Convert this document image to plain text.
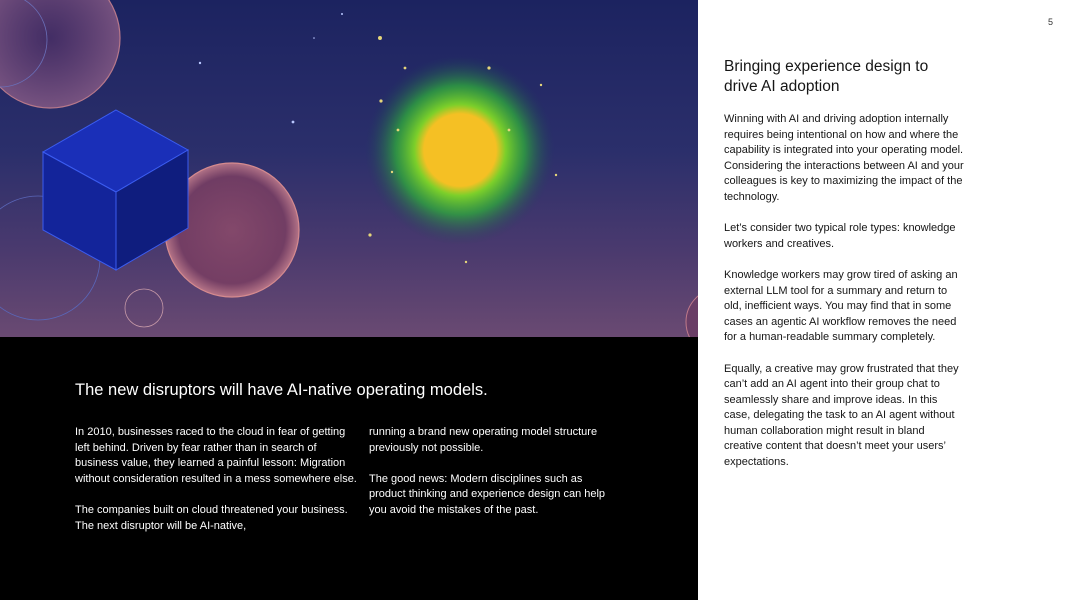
The new disruptors will have AI-native operating models.

In 2010, businesses raced to the cloud in fear of getting left behind. Driven by fear rather than in search of business value, they learned a painful lesson: Migration without consideration resulted in a mess somewhere else.

The companies built on cloud threatened your business. The next disruptor will be AI-native,

running a brand new operating model structure previously not possible.

The good news: Modern disciplines such as product thinking and experience design can help you avoid the mistakes of the past.

5
Bringing experience design to drive AI adoption

Winning with AI and driving adoption internally requires being intentional on how and where the capability is integrated into your operating model. Considering the interactions between AI and your colleagues is key to maximizing the impact of the technology.

Let’s consider two typical role types: knowledge workers and creatives.

Knowledge workers may grow tired of asking an external LLM tool for a summary and return to old, inefficient ways. You may find that in some cases an agentic AI workflow removes the need for a human-readable summary completely.

Equally, a creative may grow frustrated that they can’t add an AI agent into their group chat to seamlessly share and improve ideas. In this case, delegating the task to an AI agent without human collaboration might result in bland creative content that doesn’t meet your users’ expectations.
